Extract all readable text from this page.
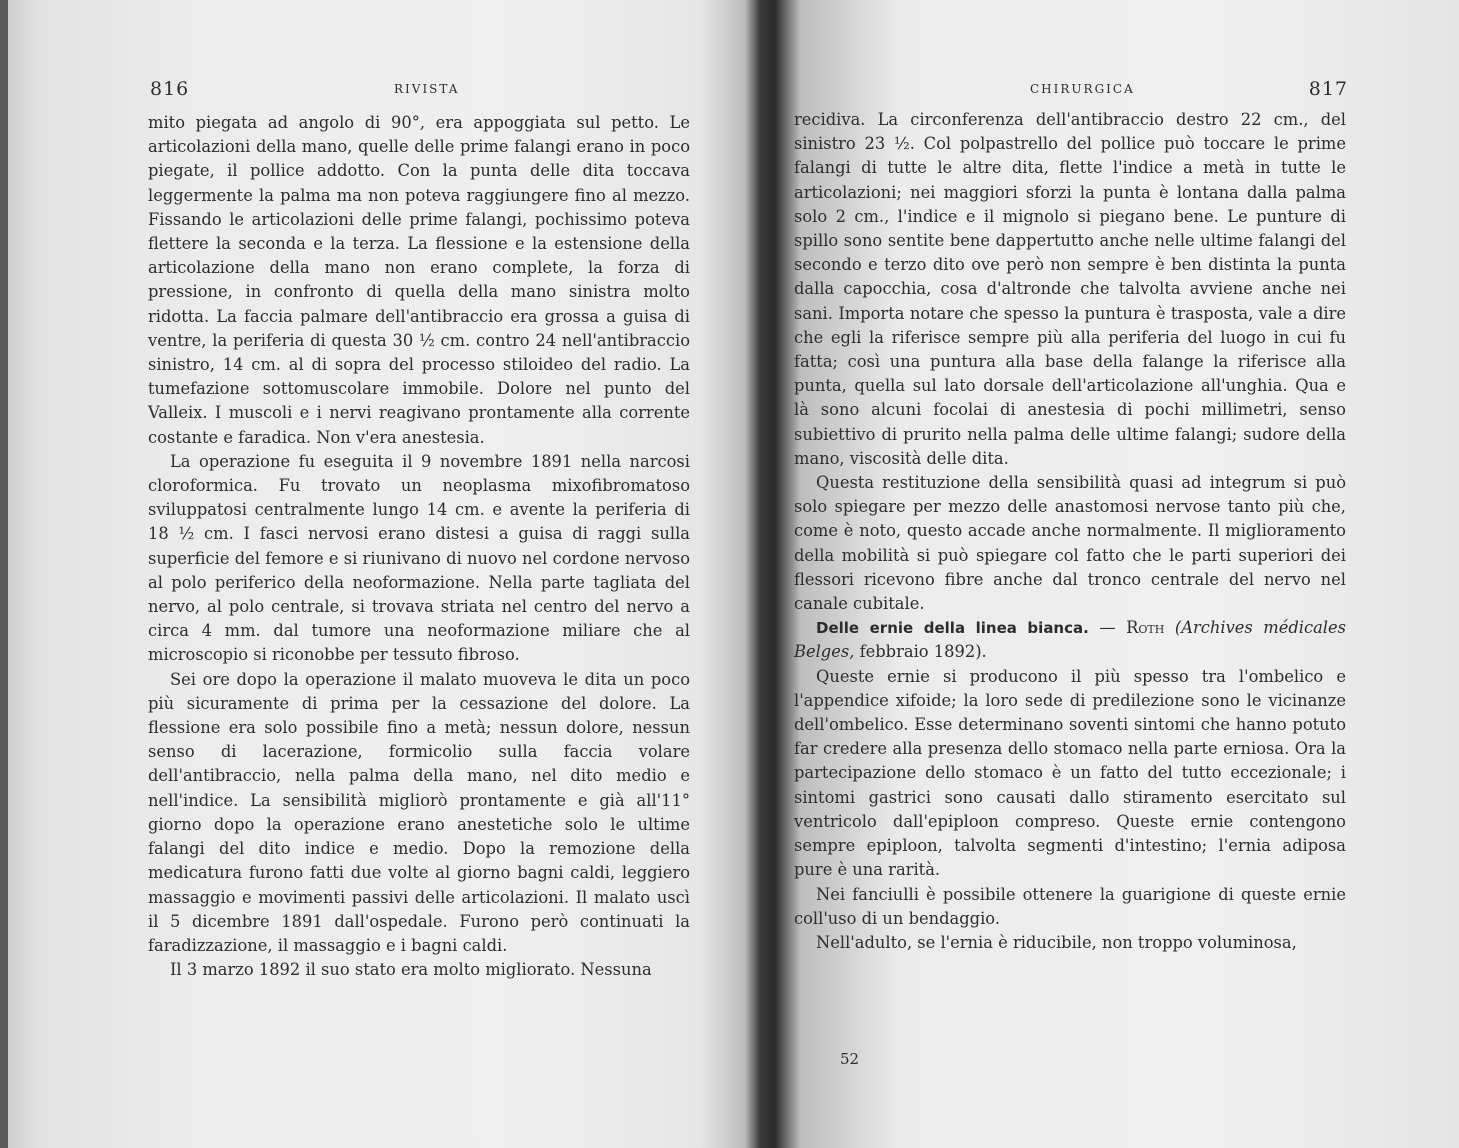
816	RIVISTA

mito piegata ad angolo di 90°, era appoggiata sul petto. Le articolazioni della mano, quelle delle prime falangi erano in poco piegate, il pollice addotto. Con la punta delle dita toccava leggermente la palma ma non poteva raggiungere fino al mezzo. Fissando le articolazioni delle prime falangi, pochissimo poteva flettere la seconda e la terza. La flessione e la estensione della articolazione della mano non erano complete, la forza di pressione, in confronto di quella della mano sinistra molto ridotta. La faccia palmare dell'antibraccio era grossa a guisa di ventre, la periferia di questa 30 ½ cm. contro 24 nell'antibraccio sinistro, 14 cm. al di sopra del processo stiloideo del radio. La tumefazione sottomuscolare immobile. Dolore nel punto del Valleix. I muscoli e i nervi reagivano prontamente alla corrente costante e faradica. Non v'era anestesia.

La operazione fu eseguita il 9 novembre 1891 nella narcosi cloroformica. Fu trovato un neoplasma mixofibromatoso sviluppatosi centralmente lungo 14 cm. e avente la periferia di 18 ½ cm. I fasci nervosi erano distesi a guisa di raggi sulla superficie del femore e si riunivano di nuovo nel cordone nervoso al polo periferico della neoformazione. Nella parte tagliata del nervo, al polo centrale, si trovava striata nel centro del nervo a circa 4 mm. dal tumore una neoformazione miliare che al microscopio si riconobbe per tessuto fibroso.

Sei ore dopo la operazione il malato muoveva le dita un poco più sicuramente di prima per la cessazione del dolore. La flessione era solo possibile fino a metà; nessun dolore, nessun senso di lacerazione, formicolio sulla faccia volare dell'antibraccio, nella palma della mano, nel dito medio e nell'indice. La sensibilità migliorò prontamente e già all'11° giorno dopo la operazione erano anestetiche solo le ultime falangi del dito indice e medio. Dopo la remozione della medicatura furono fatti due volte al giorno bagni caldi, leggiero massaggio e movimenti passivi delle articolazioni. Il malato uscì il 5 dicembre 1891 dall'ospedale. Furono però continuati la faradizzazione, il massaggio e i bagni caldi.

Il 3 marzo 1892 il suo stato era molto migliorato. Nessuna

CHIRURGICA	817

recidiva. La circonferenza dell'antibraccio destro 22 cm., del sinistro 23 ½. Col polpastrello del pollice può toccare le prime falangi di tutte le altre dita, flette l'indice a metà in tutte le articolazioni; nei maggiori sforzi la punta è lontana dalla palma solo 2 cm., l'indice e il mignolo si piegano bene. Le punture di spillo sono sentite bene dappertutto anche nelle ultime falangi del secondo e terzo dito ove però non sempre è ben distinta la punta dalla capocchia, cosa d'altronde che talvolta avviene anche nei sani. Importa notare che spesso la puntura è trasposta, vale a dire che egli la riferisce sempre più alla periferia del luogo in cui fu fatta; così una puntura alla base della falange la riferisce alla punta, quella sul lato dorsale dell'articolazione all'unghia. Qua e là sono alcuni focolai di anestesia di pochi millimetri, senso subiettivo di prurito nella palma delle ultime falangi; sudore della mano, viscosità delle dita.

Questa restituzione della sensibilità quasi ad integrum si può solo spiegare per mezzo delle anastomosi nervose tanto più che, come è noto, questo accade anche normalmente. Il miglioramento della mobilità si può spiegare col fatto che le parti superiori dei flessori ricevono fibre anche dal tronco centrale del nervo nel canale cubitale.

Delle ernie della linea bianca. — Roth (Archives médicales Belges, febbraio 1892).

Queste ernie si producono il più spesso tra l'ombelico e l'appendice xifoide; la loro sede di predilezione sono le vicinanze dell'ombelico. Esse determinano soventi sintomi che hanno potuto far credere alla presenza dello stomaco nella parte erniosa. Ora la partecipazione dello stomaco è un fatto del tutto eccezionale; i sintomi gastrici sono causati dallo stiramento esercitato sul ventricolo dall'epiploon compreso. Queste ernie contengono sempre epiploon, talvolta segmenti d'intestino; l'ernia adiposa pure è una rarità.

Nei fanciulli è possibile ottenere la guarigione di queste ernie coll'uso di un bendaggio.

Nell'adulto, se l'ernia è riducibile, non troppo voluminosa,

52
